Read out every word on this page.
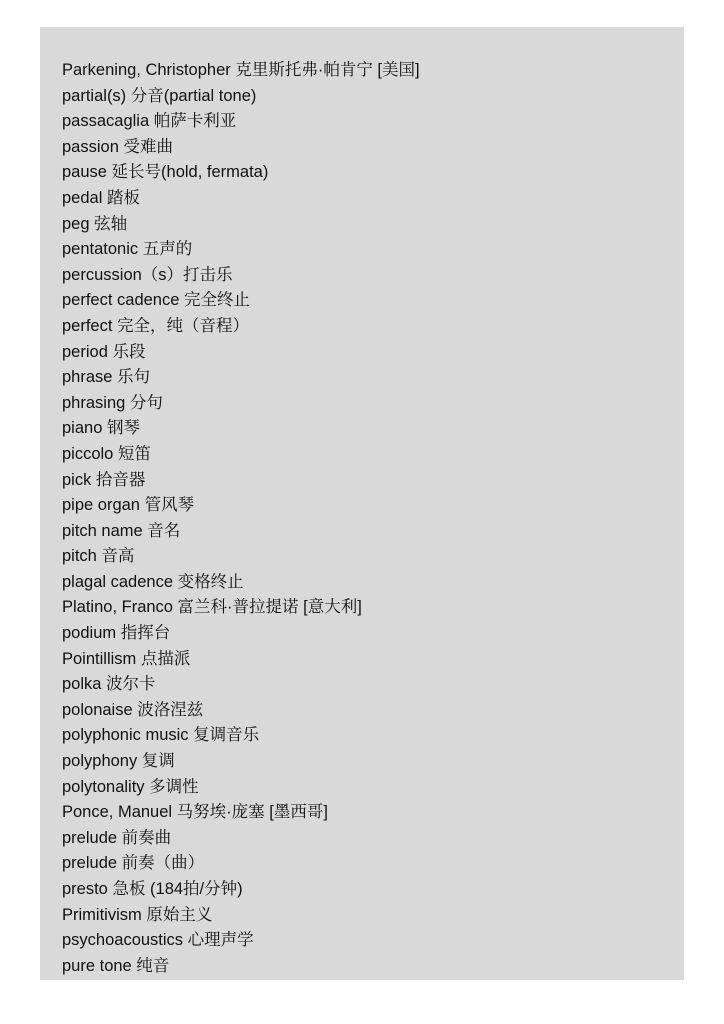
Parkening, Christopher 克里斯托弗·帕肯宁 [美国]
partial(s) 分音(partial tone)
passacaglia 帕萨卡利亚
passion 受难曲
pause 延长号(hold, fermata)
pedal 踏板
peg 弦轴
pentatonic 五声的
percussion（s）打击乐
perfect cadence 完全终止
perfect 完全，纯（音程）
period 乐段
phrase 乐句
phrasing 分句
piano 钢琴
piccolo 短笛
pick 拾音器
pipe organ 管风琴
pitch name 音名
pitch 音高
plagal cadence 变格终止
Platino, Franco 富兰科·普拉提诺 [意大利]
podium 指挥台
Pointillism 点描派
polka 波尔卡
polonaise 波洛涅兹
polyphonic music 复调音乐
polyphony 复调
polytonality 多调性
Ponce, Manuel 马努埃·庞塞 [墨西哥]
prelude 前奏曲
prelude 前奏（曲）
presto 急板 (184拍/分钟)
Primitivism 原始主义
psychoacoustics 心理声学
pure tone 纯音
